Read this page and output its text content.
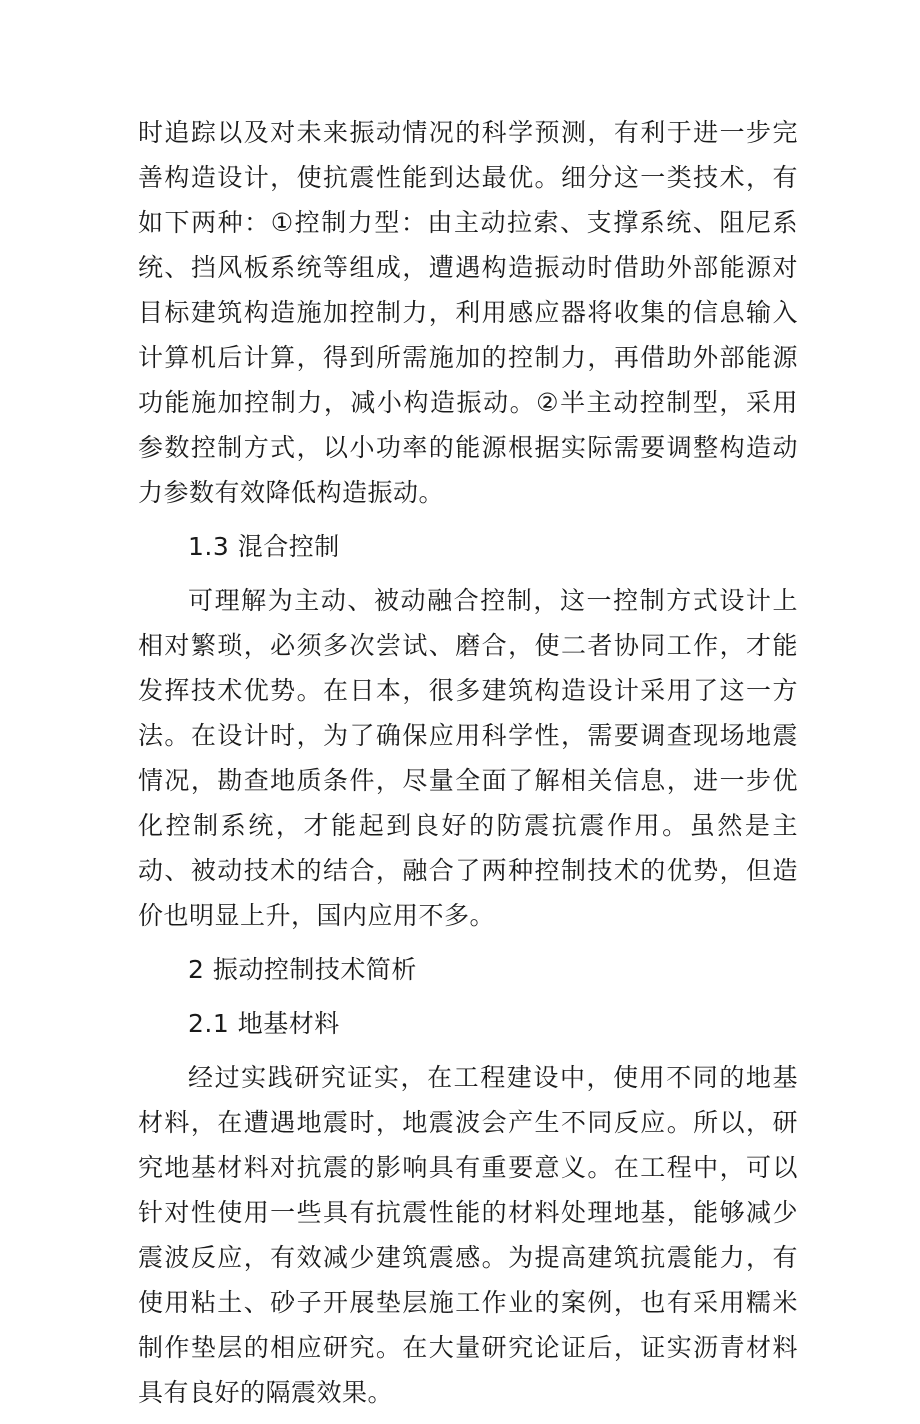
时追踪以及对未来振动情况的科学预测，有利于进一步完善构造设计，使抗震性能到达最优。细分这一类技术，有如下两种：①控制力型：由主动拉索、支撑系统、阻尼系统、挡风板系统等组成，遭遇构造振动时借助外部能源对目标建筑构造施加控制力，利用感应器将收集的信息输入计算机后计算，得到所需施加的控制力，再借助外部能源功能施加控制力，减小构造振动。②半主动控制型，采用参数控制方式，以小功率的能源根据实际需要调整构造动力参数有效降低构造振动。

1.3 混合控制

可理解为主动、被动融合控制，这一控制方式设计上相对繁琐，必须多次尝试、磨合，使二者协同工作，才能发挥技术优势。在日本，很多建筑构造设计采用了这一方法。在设计时，为了确保应用科学性，需要调查现场地震情况，勘查地质条件，尽量全面了解相关信息，进一步优化控制系统，才能起到良好的防震抗震作用。虽然是主动、被动技术的结合，融合了两种控制技术的优势，但造价也明显上升，国内应用不多。

2 振动控制技术简析

2.1 地基材料

经过实践研究证实，在工程建设中，使用不同的地基材料，在遭遇地震时，地震波会产生不同反应。所以，研究地基材料对抗震的影响具有重要意义。在工程中，可以针对性使用一些具有抗震性能的材料处理地基，能够减少震波反应，有效减少建筑震感。为提高建筑抗震能力，有使用粘土、砂子开展垫层施工作业的案例，也有采用糯米制作垫层的相应研究。在大量研究论证后，证实沥青材料具有良好的隔震效果。
